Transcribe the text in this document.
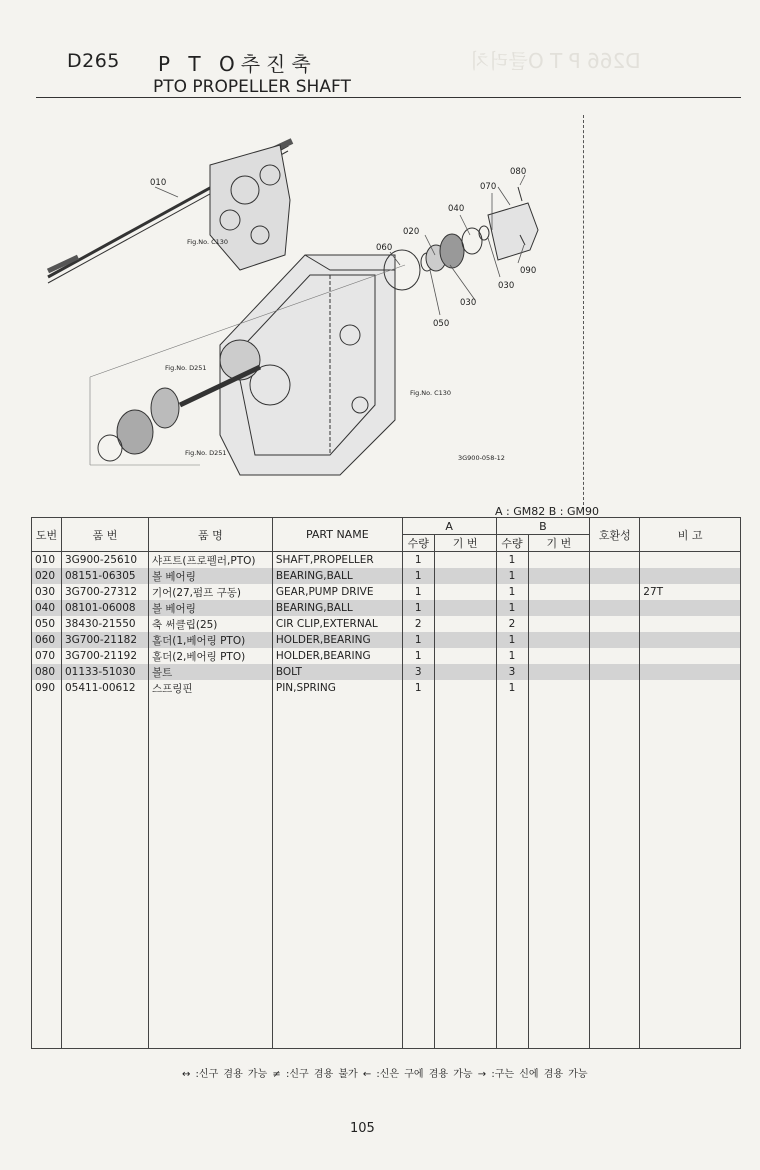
D266 P T O클러치
D265 P T O추진축
PTO PROPELLER SHAFT
010
020
030
030
040
050
060
070
080
090
Fig.No. C130
Fig.No. D251
Fig.No. D251
Fig.No. C130
3G900-058-12
A : GM82 B : GM90
도번	품 번	품 명	PART NAME	A		B		호환성	비 고
				수량	기 번	수량	기 번		
010	3G900-25610	샤프트(프로펠러,PTO)	SHAFT,PROPELLER	1		1			
020	08151-06305	볼 베어링	BEARING,BALL	1		1			
030	3G700-27312	기어(27,펌프 구동)	GEAR,PUMP DRIVE	1		1			27T
040	08101-06008	볼 베어링	BEARING,BALL	1		1			
050	38430-21550	축 써클립(25)	CIR CLIP,EXTERNAL	2		2			
060	3G700-21182	홀더(1,베어링 PTO)	HOLDER,BEARING	1		1			
070	3G700-21192	홀더(2,베어링 PTO)	HOLDER,BEARING	1		1			
080	01133-51030	볼트	BOLT	3		3			
090	05411-00612	스프링핀	PIN,SPRING	1		1			

↔ :신구 겸용 가능 ≠ :신구 겸용 불가 ← :신은 구에 겸용 가능 → :구는 신에 겸용 가능
105
